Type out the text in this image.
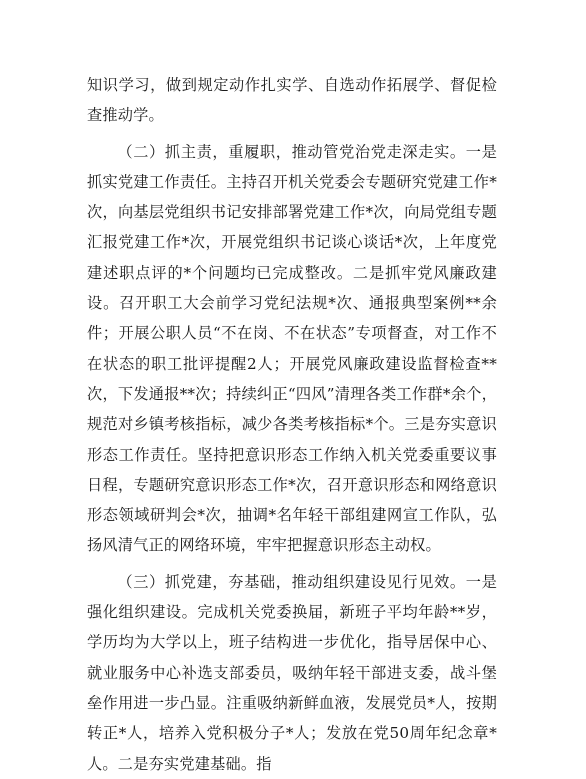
知识学习，做到规定动作扎实学、自选动作拓展学、督促检查推动学。

（二）抓主责，重履职，推动管党治党走深走实。一是抓实党建工作责任。主持召开机关党委会专题研究党建工作*次，向基层党组织书记安排部署党建工作*次，向局党组专题汇报党建工作*次，开展党组织书记谈心谈话*次，上年度党建述职点评的*个问题均已完成整改。二是抓牢党风廉政建设。召开职工大会前学习党纪法规*次、通报典型案例**余件；开展公职人员“不在岗、不在状态”专项督查，对工作不在状态的职工批评提醒2人；开展党风廉政建设监督检查**次，下发通报**次；持续纠正“四风”清理各类工作群*余个，规范对乡镇考核指标，减少各类考核指标*个。三是夯实意识形态工作责任。坚持把意识形态工作纳入机关党委重要议事日程，专题研究意识形态工作*次，召开意识形态和网络意识形态领域研判会*次，抽调*名年轻干部组建网宣工作队，弘扬风清气正的网络环境，牢牢把握意识形态主动权。

（三）抓党建，夯基础，推动组织建设见行见效。一是强化组织建设。完成机关党委换届，新班子平均年龄**岁，学历均为大学以上，班子结构进一步优化，指导居保中心、就业服务中心补选支部委员，吸纳年轻干部进支委，战斗堡垒作用进一步凸显。注重吸纳新鲜血液，发展党员*人，按期转正*人，培养入党积极分子*人；发放在党50周年纪念章*人。二是夯实党建基础。指
